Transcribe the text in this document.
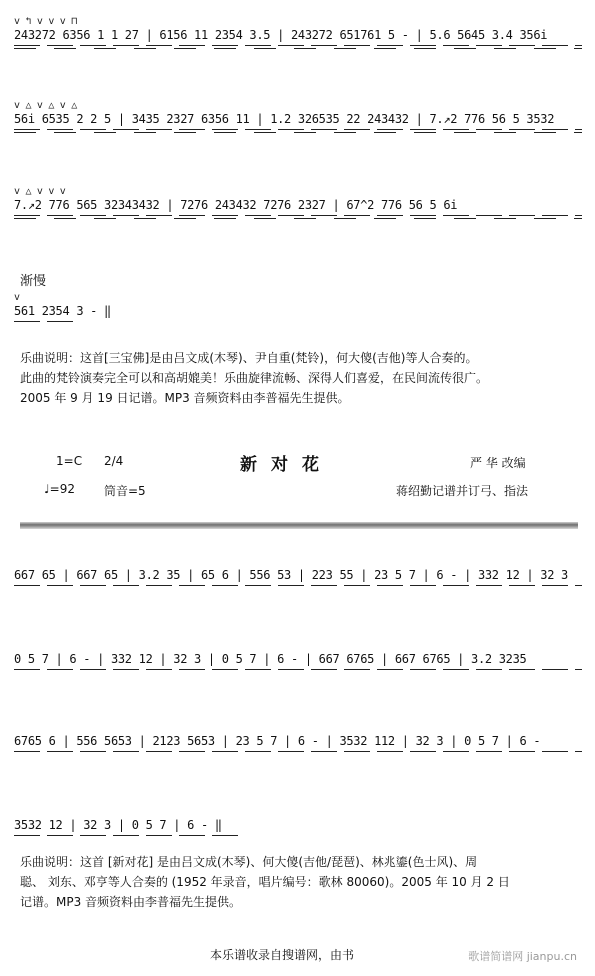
v ↰ v v v ⊓
243272 6356 1 1 27 | 6156 11 2354 3.5 | 243272 651761 5 - | 5.6 5645 3.4 356i
v △ v △ v △
56i 6535 2 2 5 | 3435 2327 6356 11 | 1.2 326535 22 243432 | 7.↗2 776 56 5 3532
v △ v v v
7.↗2 776 565 32343432 | 7276 243432 7276 2327 | 67^2 776 56 5 6i
渐慢
v
561 2354 3 - ‖

乐曲说明：这首[三宝佛]是由吕文成(木琴)、尹自重(梵铃)，何大傻(吉他)等人合奏的。

此曲的梵铃演奏完全可以和高胡媲美！乐曲旋律流畅、深得人们喜爱，在民间流传很广。

2005 年 9 月 19 日记谱。MP3 音频资料由李普福先生提供。

1=C 2/4	新对花	严 华 改编
♩=92 筒音=5	蒋绍勤记谱并订弓、指法
667 65 | 667 65 | 3.2 35 | 65 6 | 556 53 | 223 55 | 23 5 7 | 6 - | 332 12 | 32 3
0 5 7 | 6 - | 332 12 | 32 3 | 0 5 7 | 6 - | 667 6765 | 667 6765 | 3.2 3235
6765 6 | 556 5653 | 2123 5653 | 23 5 7 | 6 - | 3532 112 | 32 3 | 0 5 7 | 6 -
3532 12 | 32 3 | 0 5 7 | 6 - ‖

乐曲说明：这首 [新对花] 是由吕文成(木琴)、何大傻(吉他/琵琶)、林兆鎏(色士风)、周

聪、 刘东、邓亨等人合奏的 (1952 年录音，唱片编号：歌林 80060)。2005 年 10 月 2 日

记谱。MP3 音频资料由李普福先生提供。

本乐谱收录自搜谱网，由书	歌谱简谱网 jianpu.cn
